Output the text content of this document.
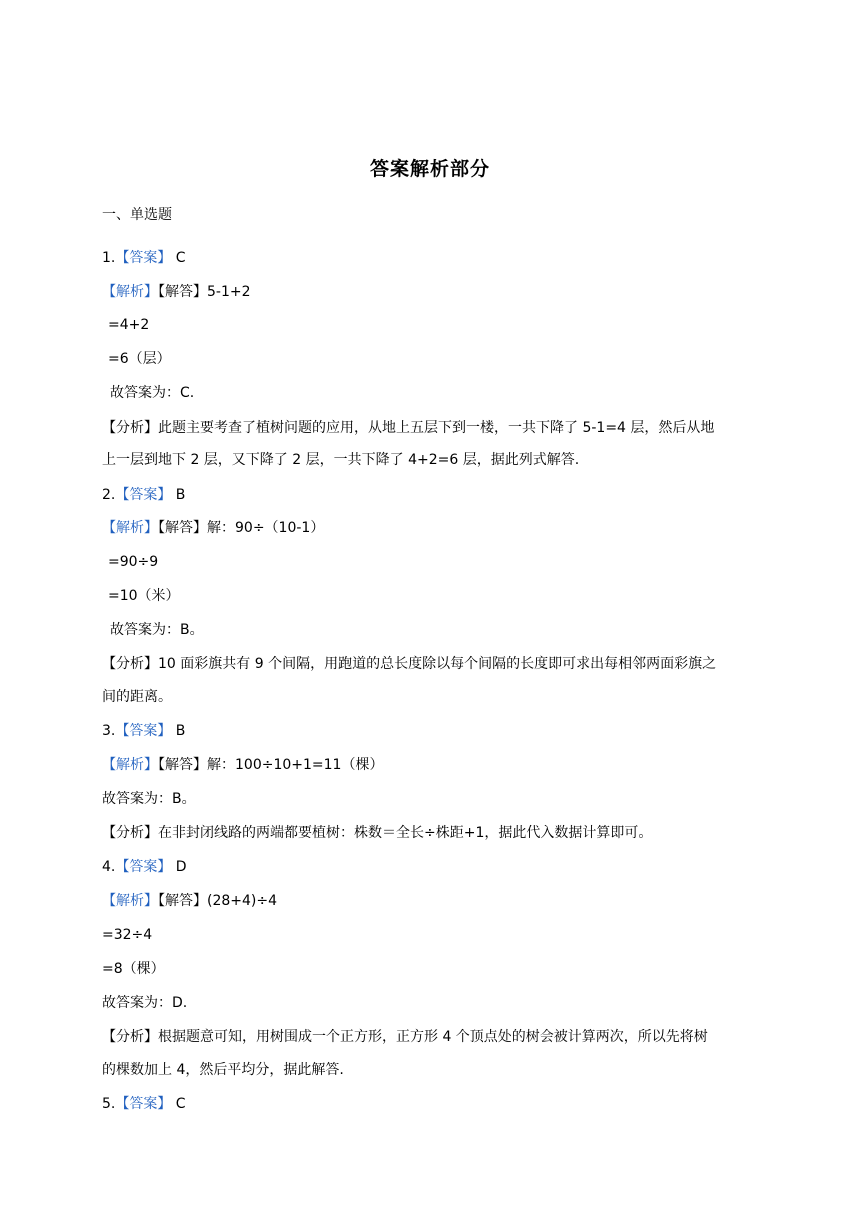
答案解析部分
一、单选题
1.【答案】 C
【解析】【解答】5-1+2
=4+2
=6（层）
故答案为：C.
【分析】此题主要考查了植树问题的应用，从地上五层下到一楼，一共下降了 5-1=4 层，然后从地
上一层到地下 2 层，又下降了 2 层，一共下降了 4+2=6 层，据此列式解答.
2.【答案】 B
【解析】【解答】解：90÷（10-1）
=90÷9
=10（米）
故答案为：B。
【分析】10 面彩旗共有 9 个间隔，用跑道的总长度除以每个间隔的长度即可求出每相邻两面彩旗之
间的距离。
3.【答案】 B
【解析】【解答】解：100÷10+1=11（棵）
故答案为：B。
【分析】在非封闭线路的两端都要植树：株数＝全长÷株距+1，据此代入数据计算即可。
4.【答案】 D
【解析】【解答】(28+4)÷4
=32÷4
=8（棵）
故答案为：D.
【分析】根据题意可知，用树围成一个正方形，正方形 4 个顶点处的树会被计算两次，所以先将树
的棵数加上 4，然后平均分，据此解答.
5.【答案】 C
